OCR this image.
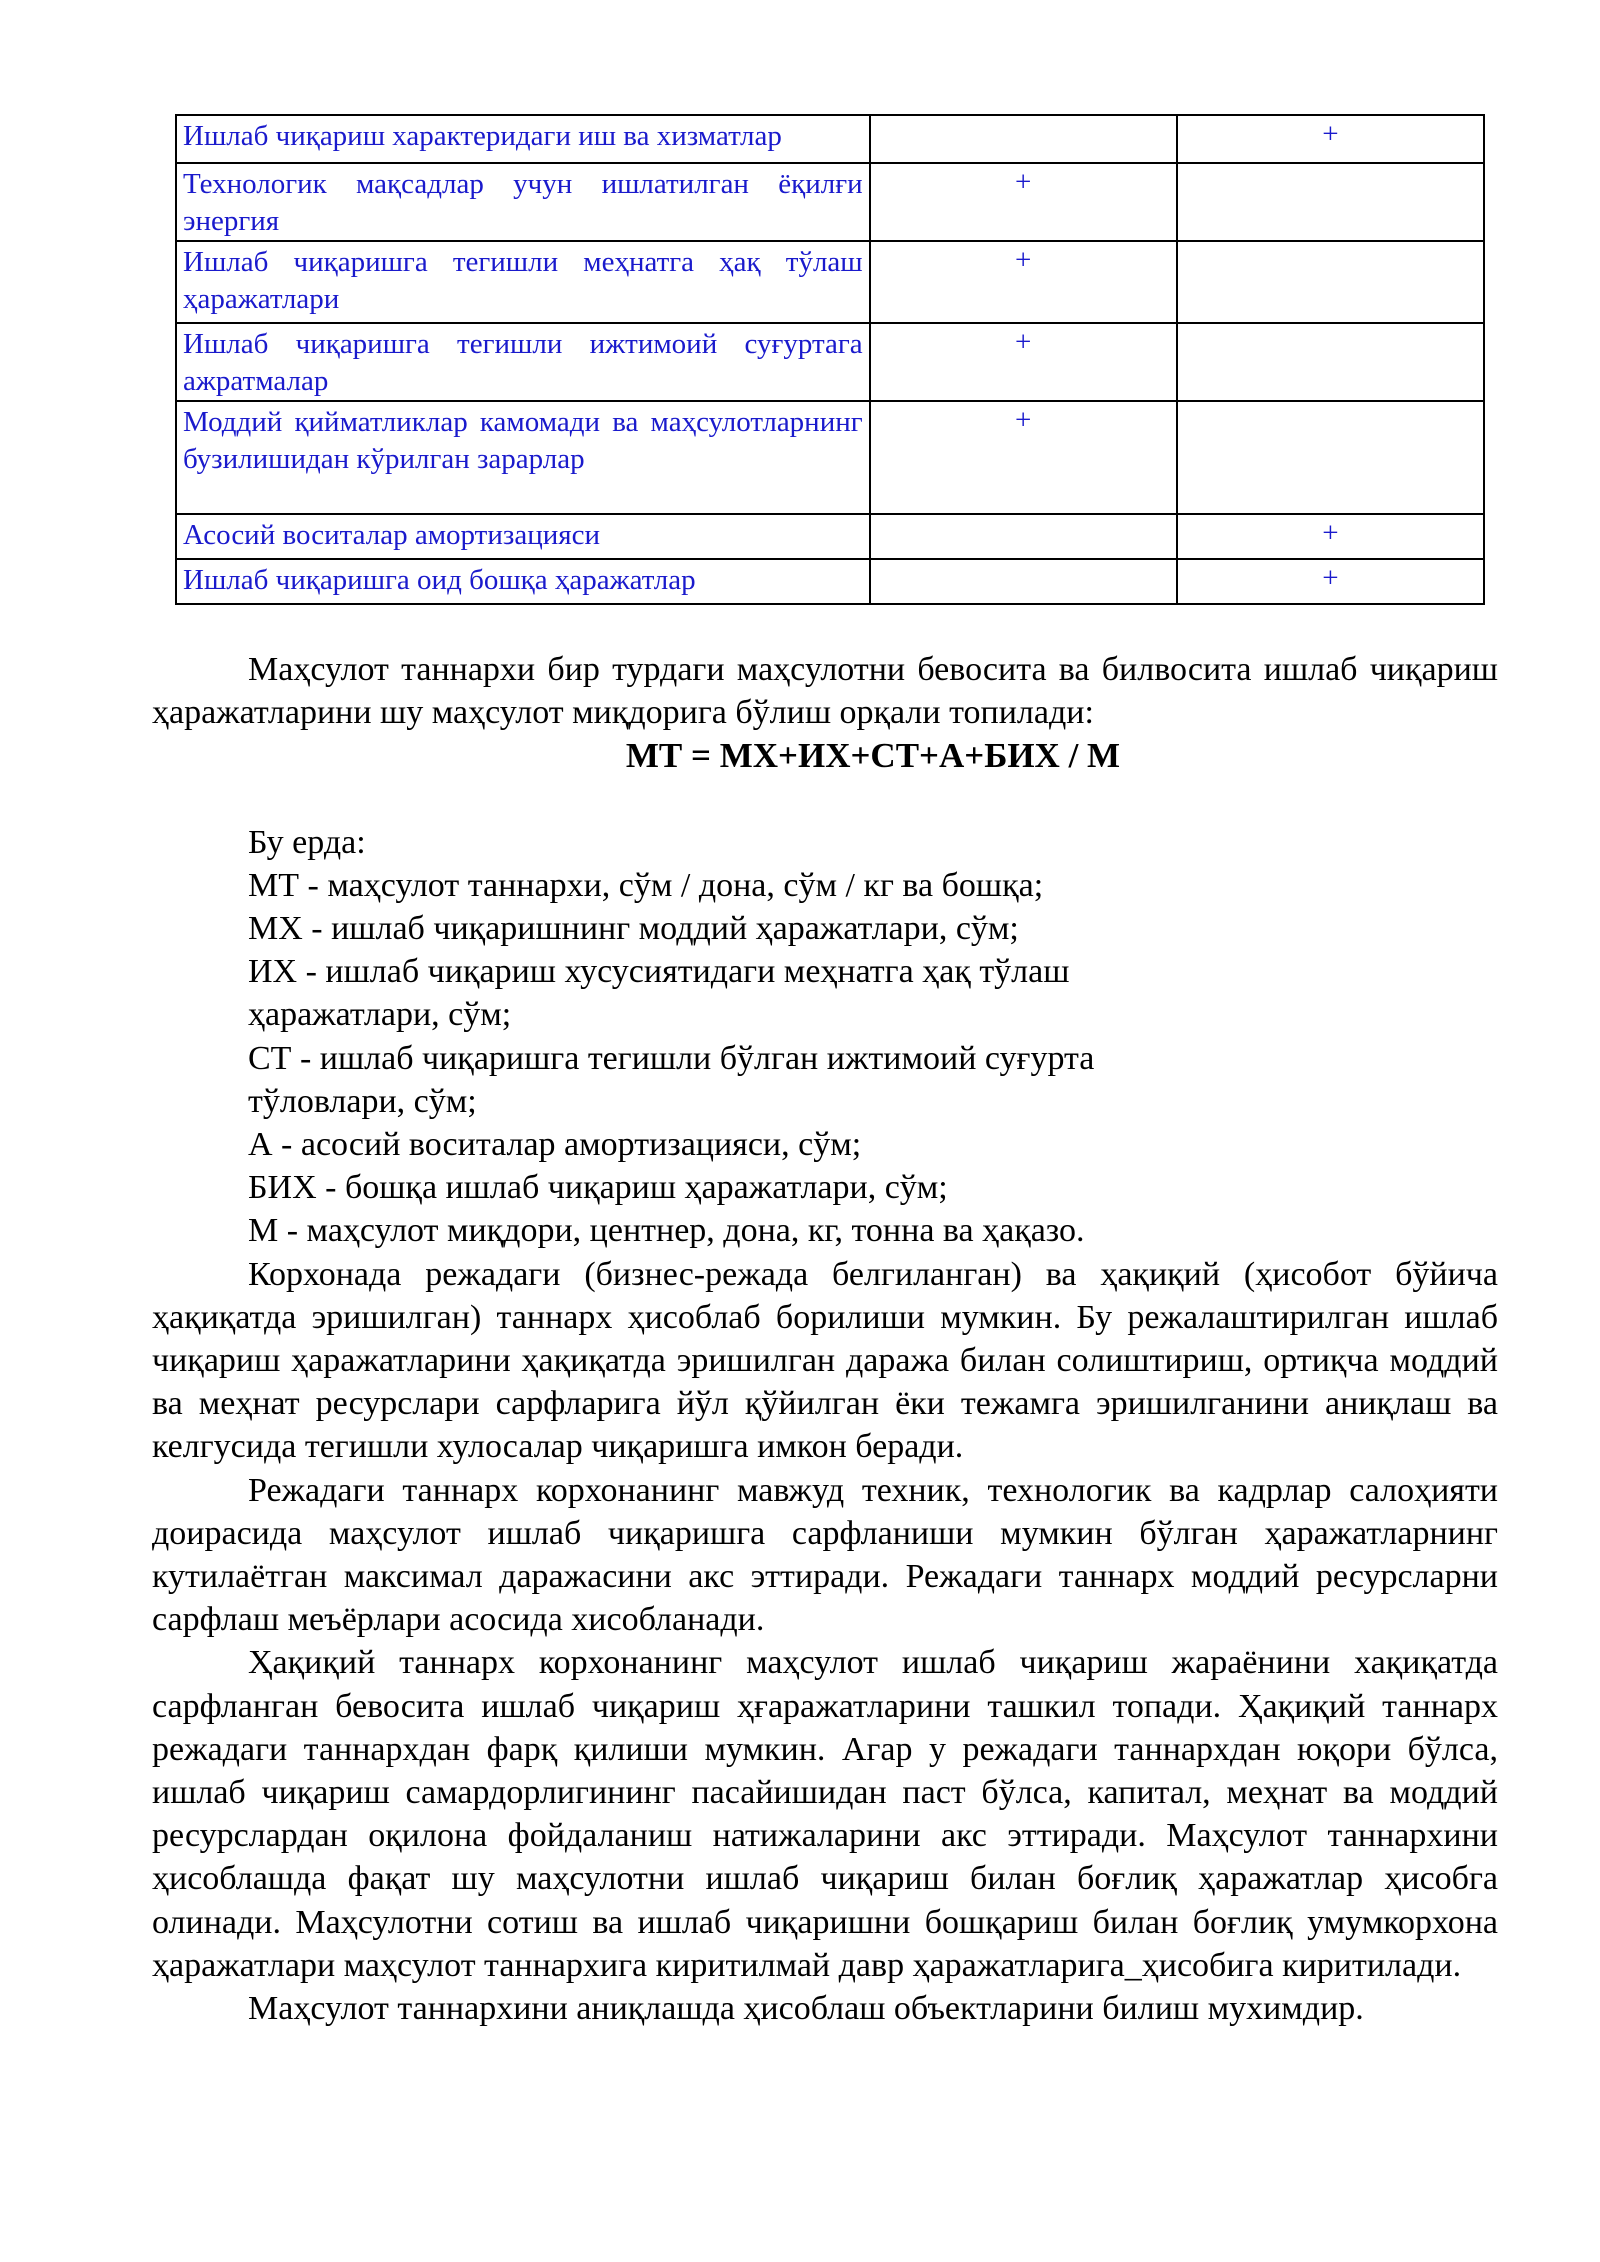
Ишлаб чиқариш характеридаги иш ва хизматлар		+
Технологик мақсадлар учун ишлатилган ёқилғи энергия	+	
Ишлаб чиқаришга тегишли меҳнатга ҳақ тўлаш ҳаражатлари	+	
Ишлаб чиқаришга тегишли ижтимоий суғуртага ажратмалар	+	
Моддий қийматликлар камомади ва маҳсулотларнинг бузилишидан кўрилган зарарлар	+	
Асосий воситалар амортизацияси		+
Ишлаб чиқаришга оид бошқа ҳаражатлар		+

Маҳсулот таннархи бир турдаги маҳсулотни бевосита ва билвосита ишлаб чиқариш ҳаражатларини шу маҳсулот миқдорига бўлиш орқали топилади:

МТ = МХ+ИХ+СТ+А+БИХ / М

Бу ерда:

МТ - маҳсулот таннархи, сўм / дона, сўм / кг ва бошқа;

МХ - ишлаб чиқаришнинг моддий ҳаражатлари, сўм;

ИХ - ишлаб чиқариш хусусиятидаги меҳнатга ҳақ тўлаш

ҳаражатлари, сўм;

СТ - ишлаб чиқаришга тегишли бўлган ижтимоий суғурта

тўловлари, сўм;

А - асосий воситалар амортизацияси, сўм;

БИХ - бошқа ишлаб чиқариш ҳаражатлари, сўм;

М - маҳсулот миқдори, центнер, дона, кг, тонна ва ҳақазо.

Корхонада режадаги (бизнес-режада белгиланган) ва ҳақиқий (ҳисобот бўйича ҳақиқатда эришилган) таннарх ҳисоблаб борилиши мумкин. Бу режалаштирилган ишлаб чиқариш ҳаражатларини ҳақиқатда эришилган даража билан солиштириш, ортиқча моддий ва меҳнат ресурслари сарфларига йўл қўйилган ёки тежамга эришилганини аниқлаш ва келгусида тегишли хулосалар чиқаришга имкон беради.

Режадаги таннарх корхонанинг мавжуд техник, технологик ва кадрлар салоҳияти доирасида маҳсулот ишлаб чиқаришга сарфланиши мумкин бўлган ҳаражатларнинг кутилаётган максимал даражасини акс эттиради. Режадаги таннарх моддий ресурсларни сарфлаш меъёрлари асосида хисобланади.

Ҳақиқий таннарх корхонанинг маҳсулот ишлаб чиқариш жараёнини хақиқатда сарфланган бевосита ишлаб чиқариш ҳғаражатларини ташкил топади. Ҳақиқий таннарх режадаги таннархдан фарқ қилиши мумкин. Агар у режадаги таннархдан юқори бўлса, ишлаб чиқариш самардорлигининг пасайишидан паст бўлса, капитал, меҳнат ва моддий ресурслардан оқилона фойдаланиш натижаларини акс эттиради. Маҳсулот таннархини ҳисоблашда фақат шу маҳсулотни ишлаб чиқариш билан боғлиқ ҳаражатлар ҳисобга олинади. Маҳсулотни сотиш ва ишлаб чиқаришни бошқариш билан боғлиқ умумкорхона ҳаражатлари маҳсулот таннархига киритилмай давр ҳаражатларига_ҳисобига киритилади.

Маҳсулот таннархини аниқлашда ҳисоблаш объектларини билиш мухимдир.
